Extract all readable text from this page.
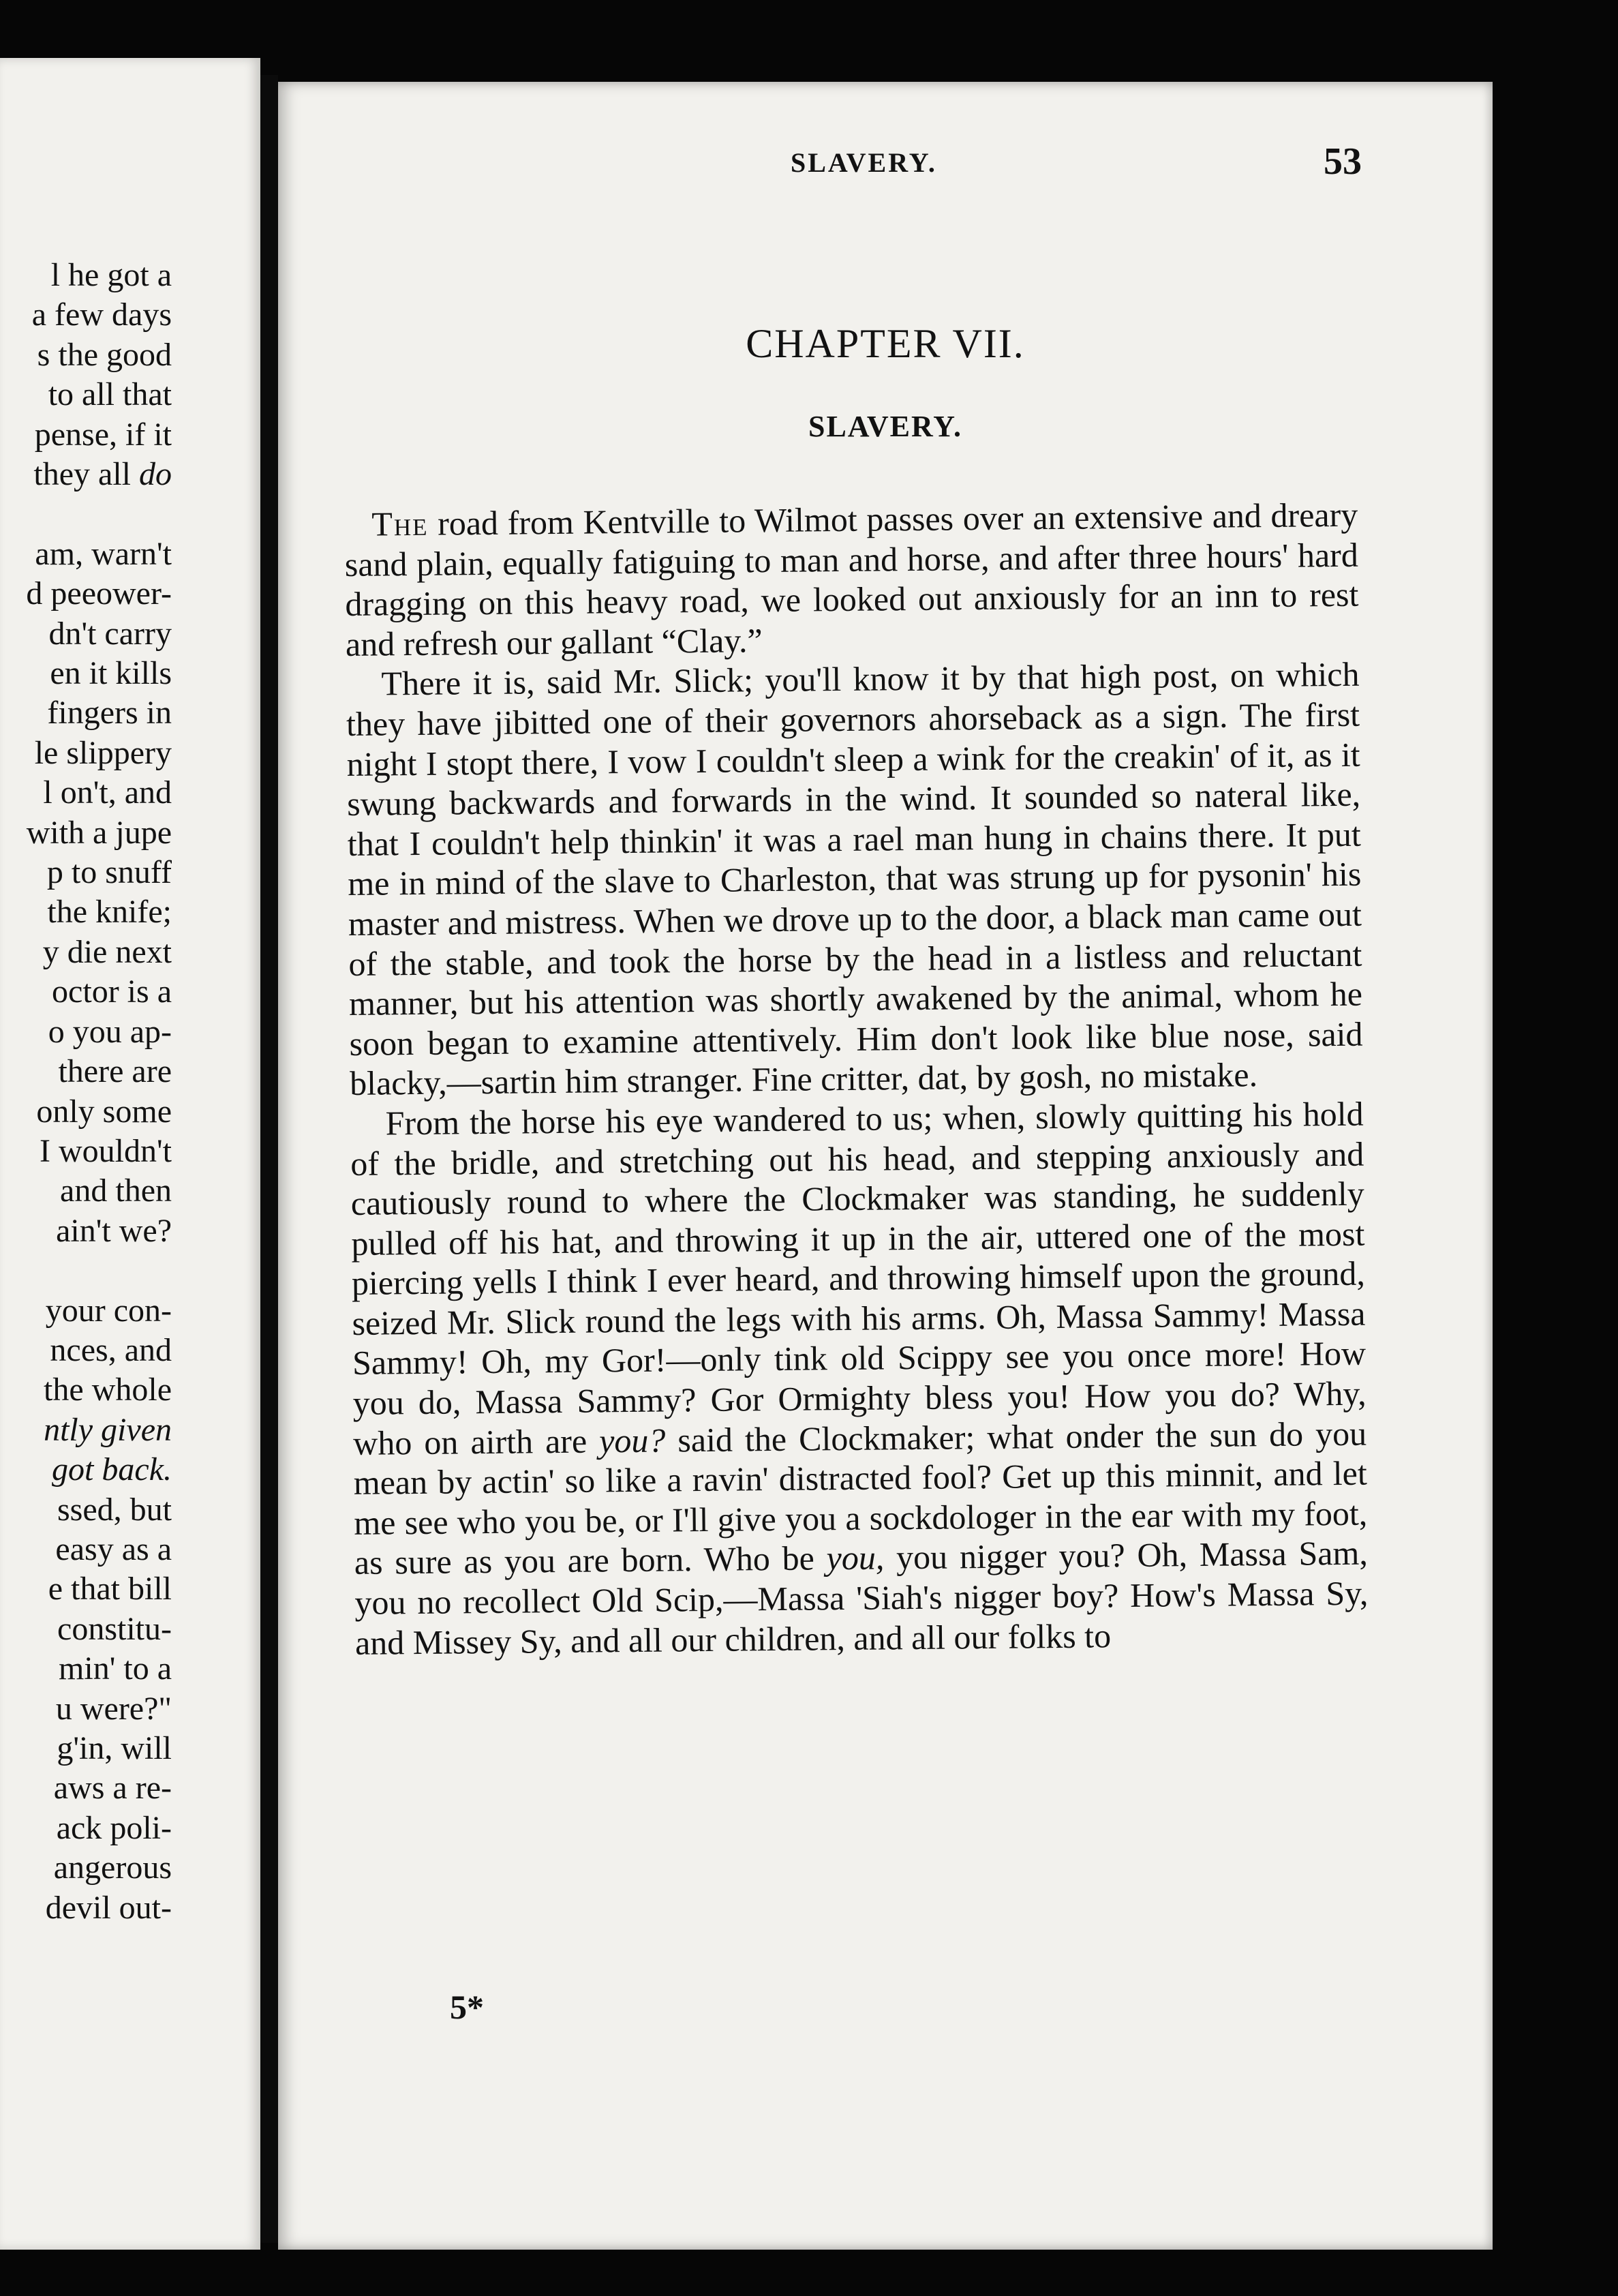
l he got a
a few days
s the good
to all that
pense, if it
they all do
am, warn't
d peeower-
dn't carry
en it kills
fingers in
le slippery
l on't, and
with a jupe
p to snuff
the knife;
y die next
octor is a
o you ap-
there are
only some
I wouldn't
and then
ain't we?
your con-
nces, and
the whole
ntly given
got back.
ssed, but
easy as a
e that bill
constitu-
min' to a
u were?"
g'in, will
aws a re-
ack poli-
angerous
devil out-
SLAVERY.	53
CHAPTER VII.
SLAVERY.

The road from Kentville to Wilmot passes over an extensive and dreary sand plain, equally fatiguing to man and horse, and after three hours' hard dragging on this heavy road, we looked out anxiously for an inn to rest and refresh our gallant “Clay.”

There it is, said Mr. Slick; you'll know it by that high post, on which they have jibitted one of their governors ahorseback as a sign. The first night I stopt there, I vow I couldn't sleep a wink for the creakin' of it, as it swung backwards and forwards in the wind. It sounded so nateral like, that I couldn't help thinkin' it was a rael man hung in chains there. It put me in mind of the slave to Charleston, that was strung up for pysonin' his master and mistress. When we drove up to the door, a black man came out of the stable, and took the horse by the head in a listless and reluctant manner, but his attention was shortly awakened by the animal, whom he soon began to examine attentively. Him don't look like blue nose, said blacky,—sartin him stranger. Fine critter, dat, by gosh, no mistake.

From the horse his eye wandered to us; when, slowly quitting his hold of the bridle, and stretching out his head, and stepping anxiously and cautiously round to where the Clockmaker was standing, he suddenly pulled off his hat, and throwing it up in the air, uttered one of the most piercing yells I think I ever heard, and throwing himself upon the ground, seized Mr. Slick round the legs with his arms. Oh, Massa Sammy! Massa Sammy! Oh, my Gor!—only tink old Scippy see you once more! How you do, Massa Sammy? Gor Ormighty bless you! How you do? Why, who on airth are you? said the Clockmaker; what onder the sun do you mean by actin' so like a ravin' distracted fool? Get up this minnit, and let me see who you be, or I'll give you a sockdologer in the ear with my foot, as sure as you are born. Who be you, you nigger you? Oh, Massa Sam, you no recollect Old Scip,—Massa 'Siah's nigger boy? How's Massa Sy, and Missey Sy, and all our children, and all our folks to

5*
